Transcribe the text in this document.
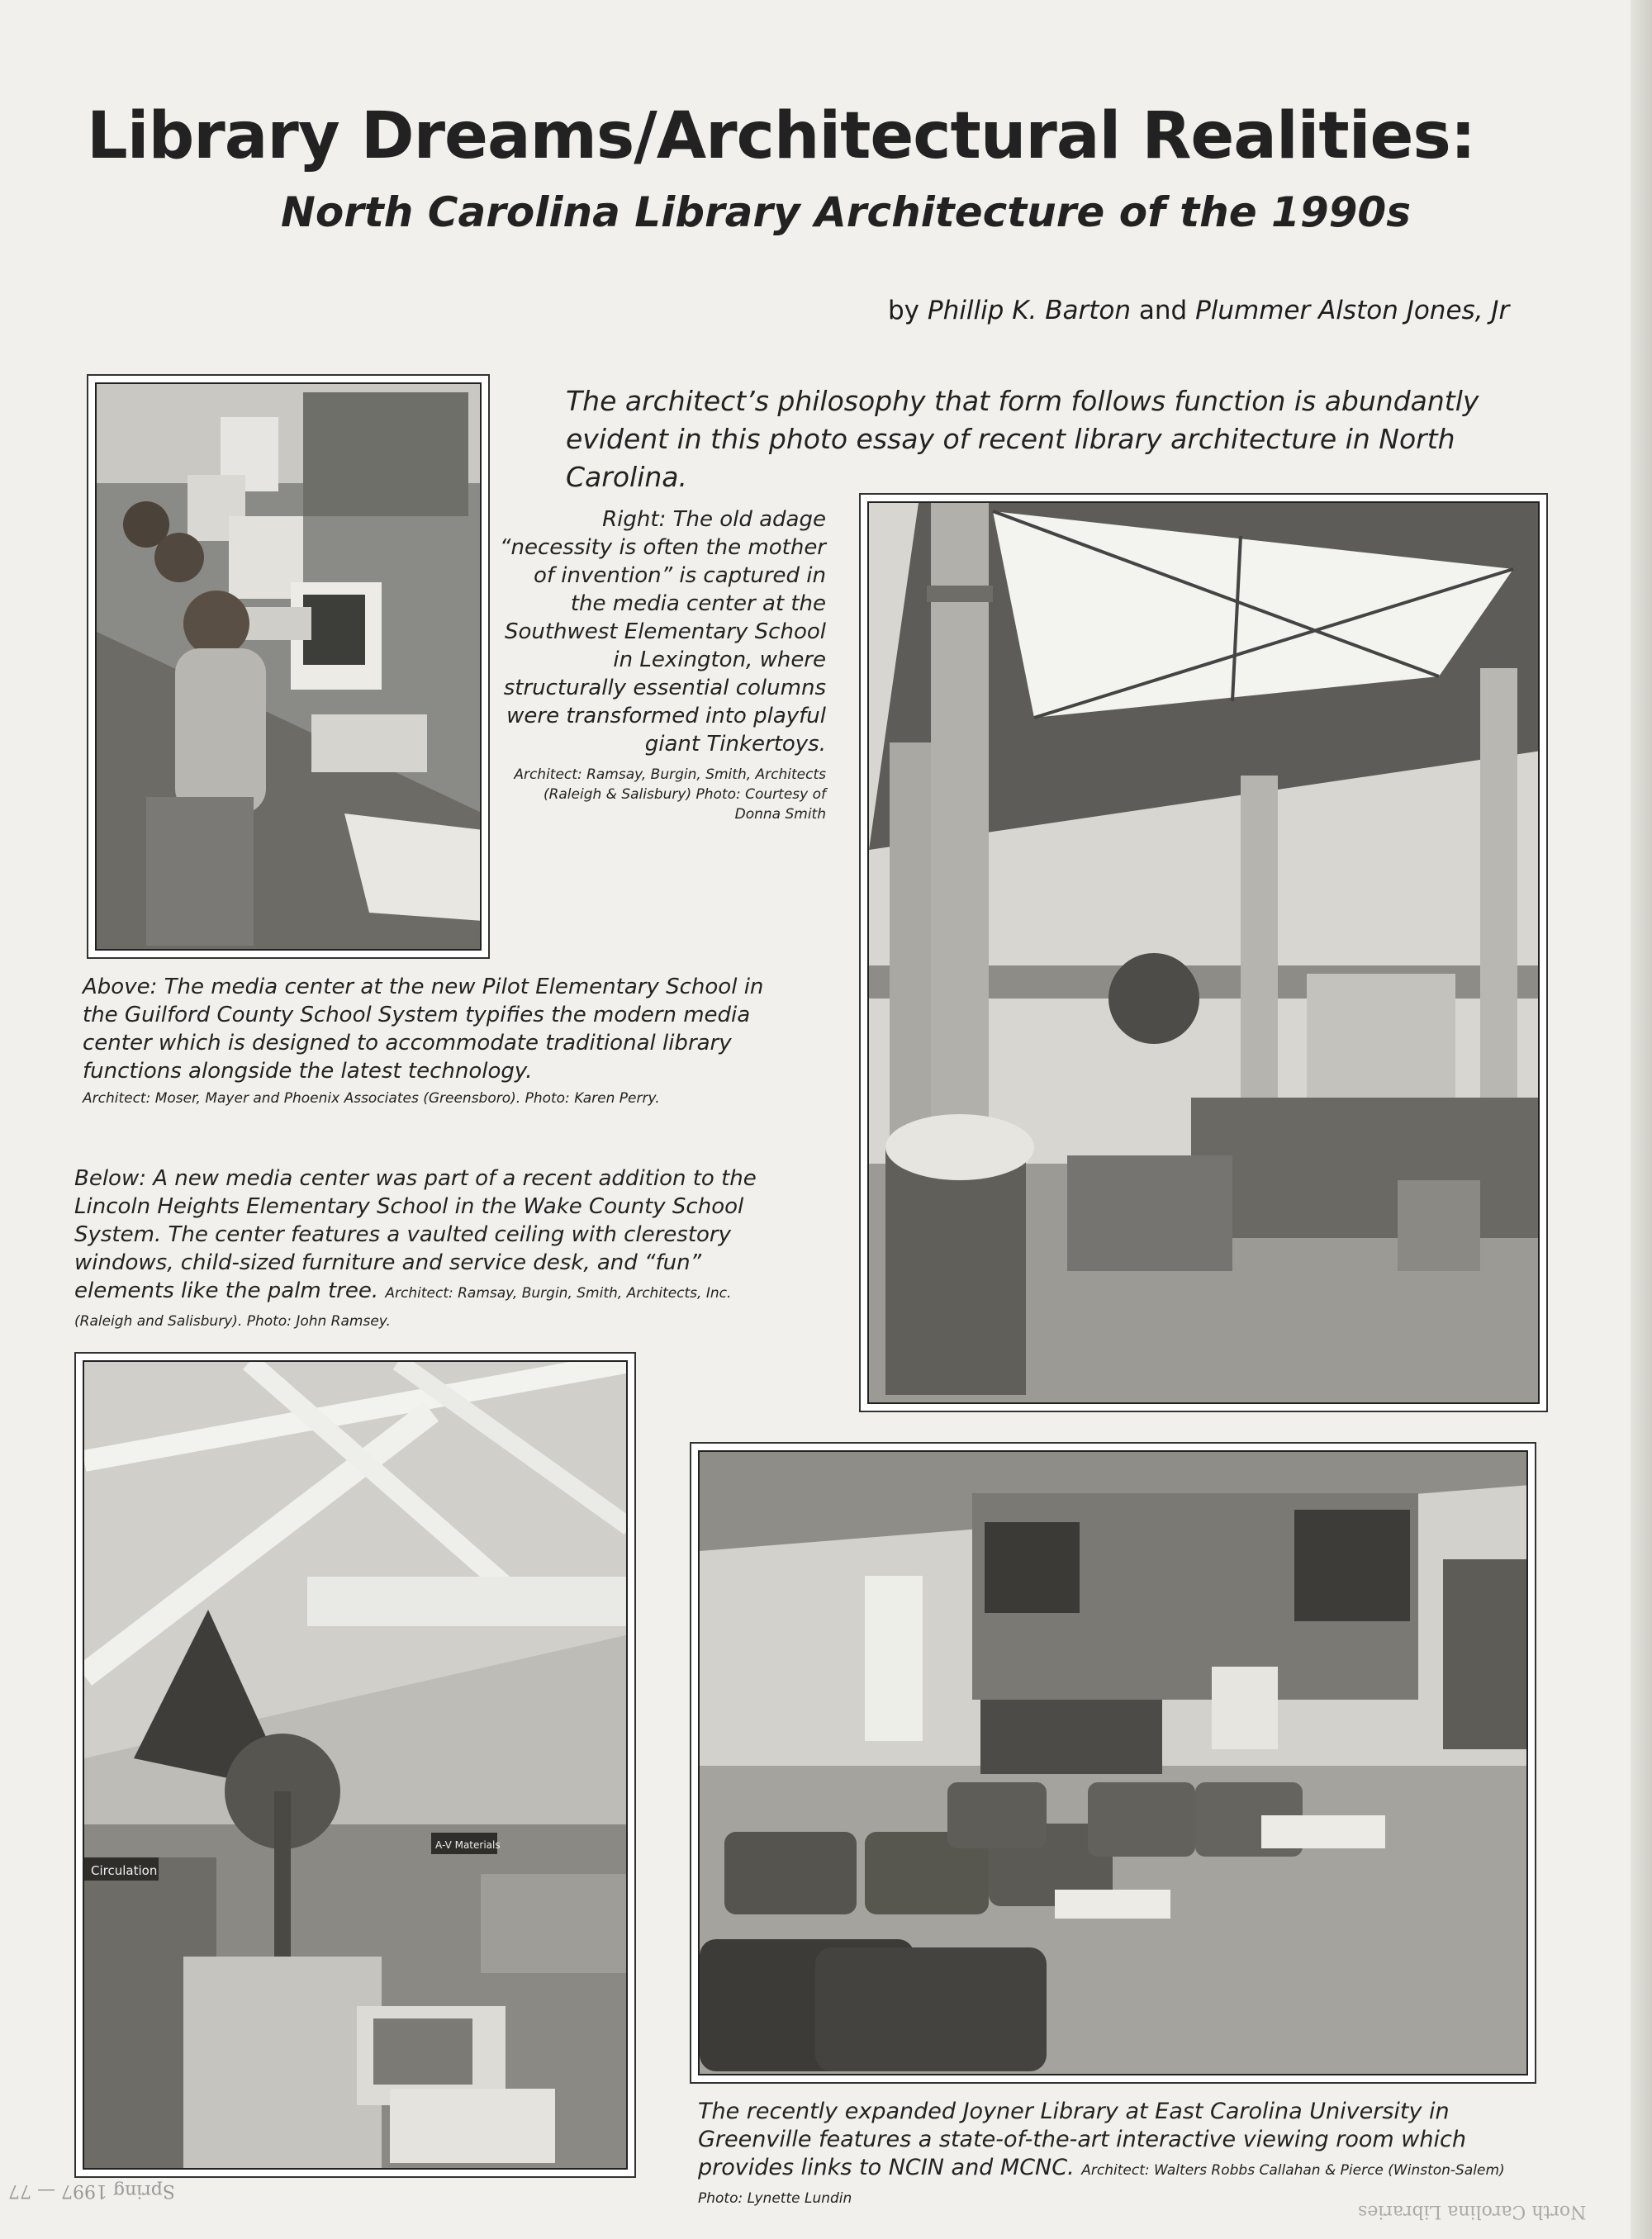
Library Dreams/Architectural Realities:
North Carolina Library Architecture of the 1990s
by Phillip K. Barton and Plummer Alston Jones, Jr

The architect’s philosophy that form follows function is abundantly evident in this photo essay of recent library architecture in North Carolina.

Right: The old adage “necessity is often the mother of invention” is captured in the media center at the Southwest Elementary School in Lexington, where structurally essential columns were transformed into playful giant Tinkertoys.
Architect: Ramsay, Burgin, Smith, Architects (Raleigh & Salisbury) Photo: Courtesy of Donna Smith

Above: The media center at the new Pilot Elementary School in the Guilford County School System typifies the modern media center which is designed to accommodate traditional library functions alongside the latest technology.
Architect: Moser, Mayer and Phoenix Associates (Greensboro). Photo: Karen Perry.

Below: A new media center was part of a recent addition to the Lincoln Heights Elementary School in the Wake County School System. The center features a vaulted ceiling with clerestory windows, child-sized furniture and service desk, and “fun” elements like the palm tree. Architect: Ramsay, Burgin, Smith, Architects, Inc. (Raleigh and Salisbury). Photo: John Ramsey.

Circulation
A-V Materials

The recently expanded Joyner Library at East Carolina University in Greenville features a state-of-the-art interactive viewing room which provides links to NCIN and MCNC. Architect: Walters Robbs Callahan & Pierce (Winston-Salem) Photo: Lynette Lundin

Spring 1997 — 77
North Carolina Libraries
